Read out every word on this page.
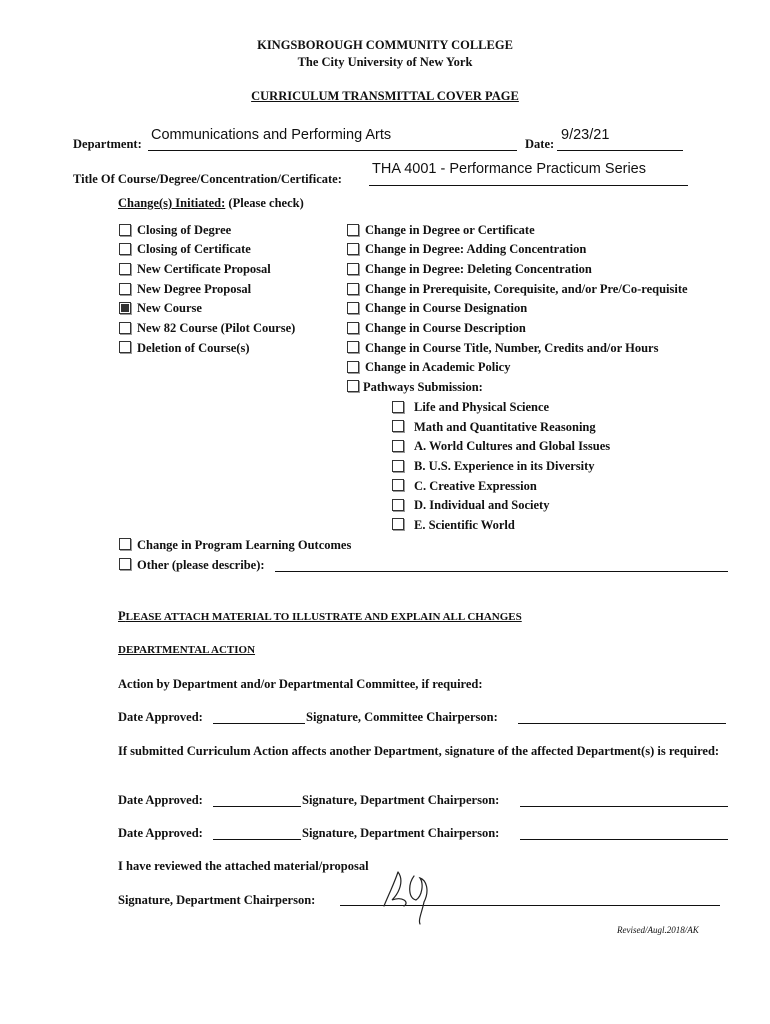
KINGSBOROUGH COMMUNITY COLLEGE
The City University of New York
CURRICULUM TRANSMITTAL COVER PAGE
Department:
Communications and Performing Arts
Date:
9/23/21
Title Of Course/Degree/Concentration/Certificate:
THA 4001 - Performance Practicum Series
Change(s) Initiated: (Please check)
Closing of Degree
Closing of Certificate
New Certificate Proposal
New Degree Proposal
New Course
New 82 Course (Pilot Course)
Deletion of Course(s)
Change in Degree or Certificate
Change in Degree: Adding Concentration
Change in Degree: Deleting Concentration
Change in Prerequisite, Corequisite, and/or Pre/Co-requisite
Change in Course Designation
Change in Course Description
Change in Course Title, Number, Credits and/or Hours
Change in Academic Policy
Pathways Submission:
Life and Physical Science
Math and Quantitative Reasoning
A. World Cultures and Global Issues
B. U.S. Experience in its Diversity
C. Creative Expression
D. Individual and Society
E. Scientific World
Change in Program Learning Outcomes
Other (please describe):
PLEASE ATTACH MATERIAL TO ILLUSTRATE AND EXPLAIN ALL CHANGES
DEPARTMENTAL ACTION
Action by Department and/or Departmental Committee, if required:
Date Approved:	Signature, Committee Chairperson:
If submitted Curriculum Action affects another Department, signature of the affected Department(s) is required:
Date Approved:	Signature, Department Chairperson:
Date Approved:	Signature, Department Chairperson:
I have reviewed the attached material/proposal
Signature, Department Chairperson:
Revised/Augl.2018/AK
